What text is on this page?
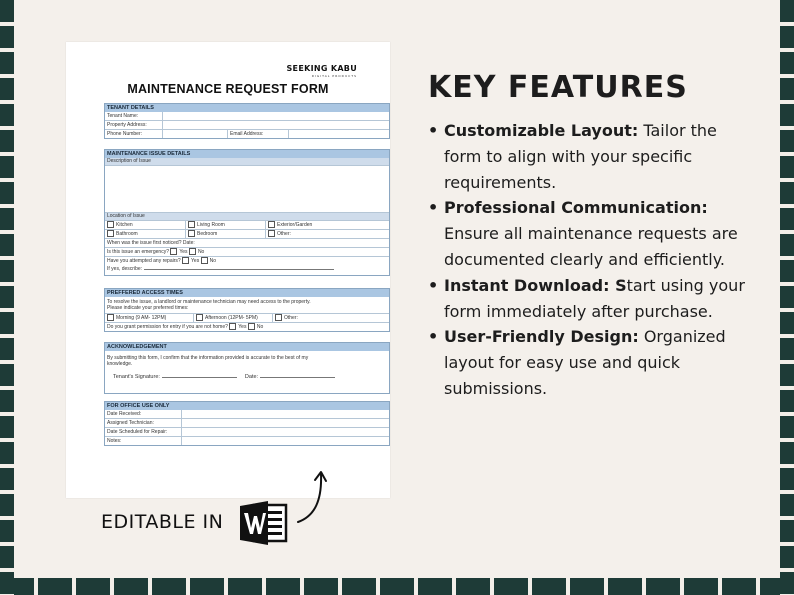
SEEKING KABU
DIGITAL PRODUCTS
MAINTENANCE REQUEST FORM
TENANT DETAILS
Tenant Name:
Property Address:
Phone Number:	Email Address:
MAINTENANCE ISSUE DETAILS
Description of Issue
Location of Issue
Kitchen	Living Room	Exterior/Garden
Bathroom	Bedroom	Other:
When was the issue first noticed? Date:
Is this issue an emergency? Yes No
Have you attempted any repairs? Yes No
If yes, describe:
PREFFERED ACCESS TIMES
To resolve the issue, a landlord or maintenance technician may need access to the property.
Please indicate your preferred times:
Morning (9 AM- 12PM)	Afternoon (12PM- 5PM)	Other:
Do you grant permission for entry if you are not home? Yes No
ACKNOWLEDGEMENT
By submitting this form, I confirm that the information provided is accurate to the best of my
knowledge.
Tenant's Signature:	Date:
FOR OFFICE USE ONLY
Date Received:
Assigned Technician:
Date Scheduled for Repair:
Notes:
KEY FEATURES
• Customizable Layout: Tailor the form to align with your specific requirements.
• Professional Communication: Ensure all maintenance requests are documented clearly and efficiently.
• Instant Download: Start using your form immediately after purchase.
• User-Friendly Design: Organized layout for easy use and quick submissions.
EDITABLE IN
